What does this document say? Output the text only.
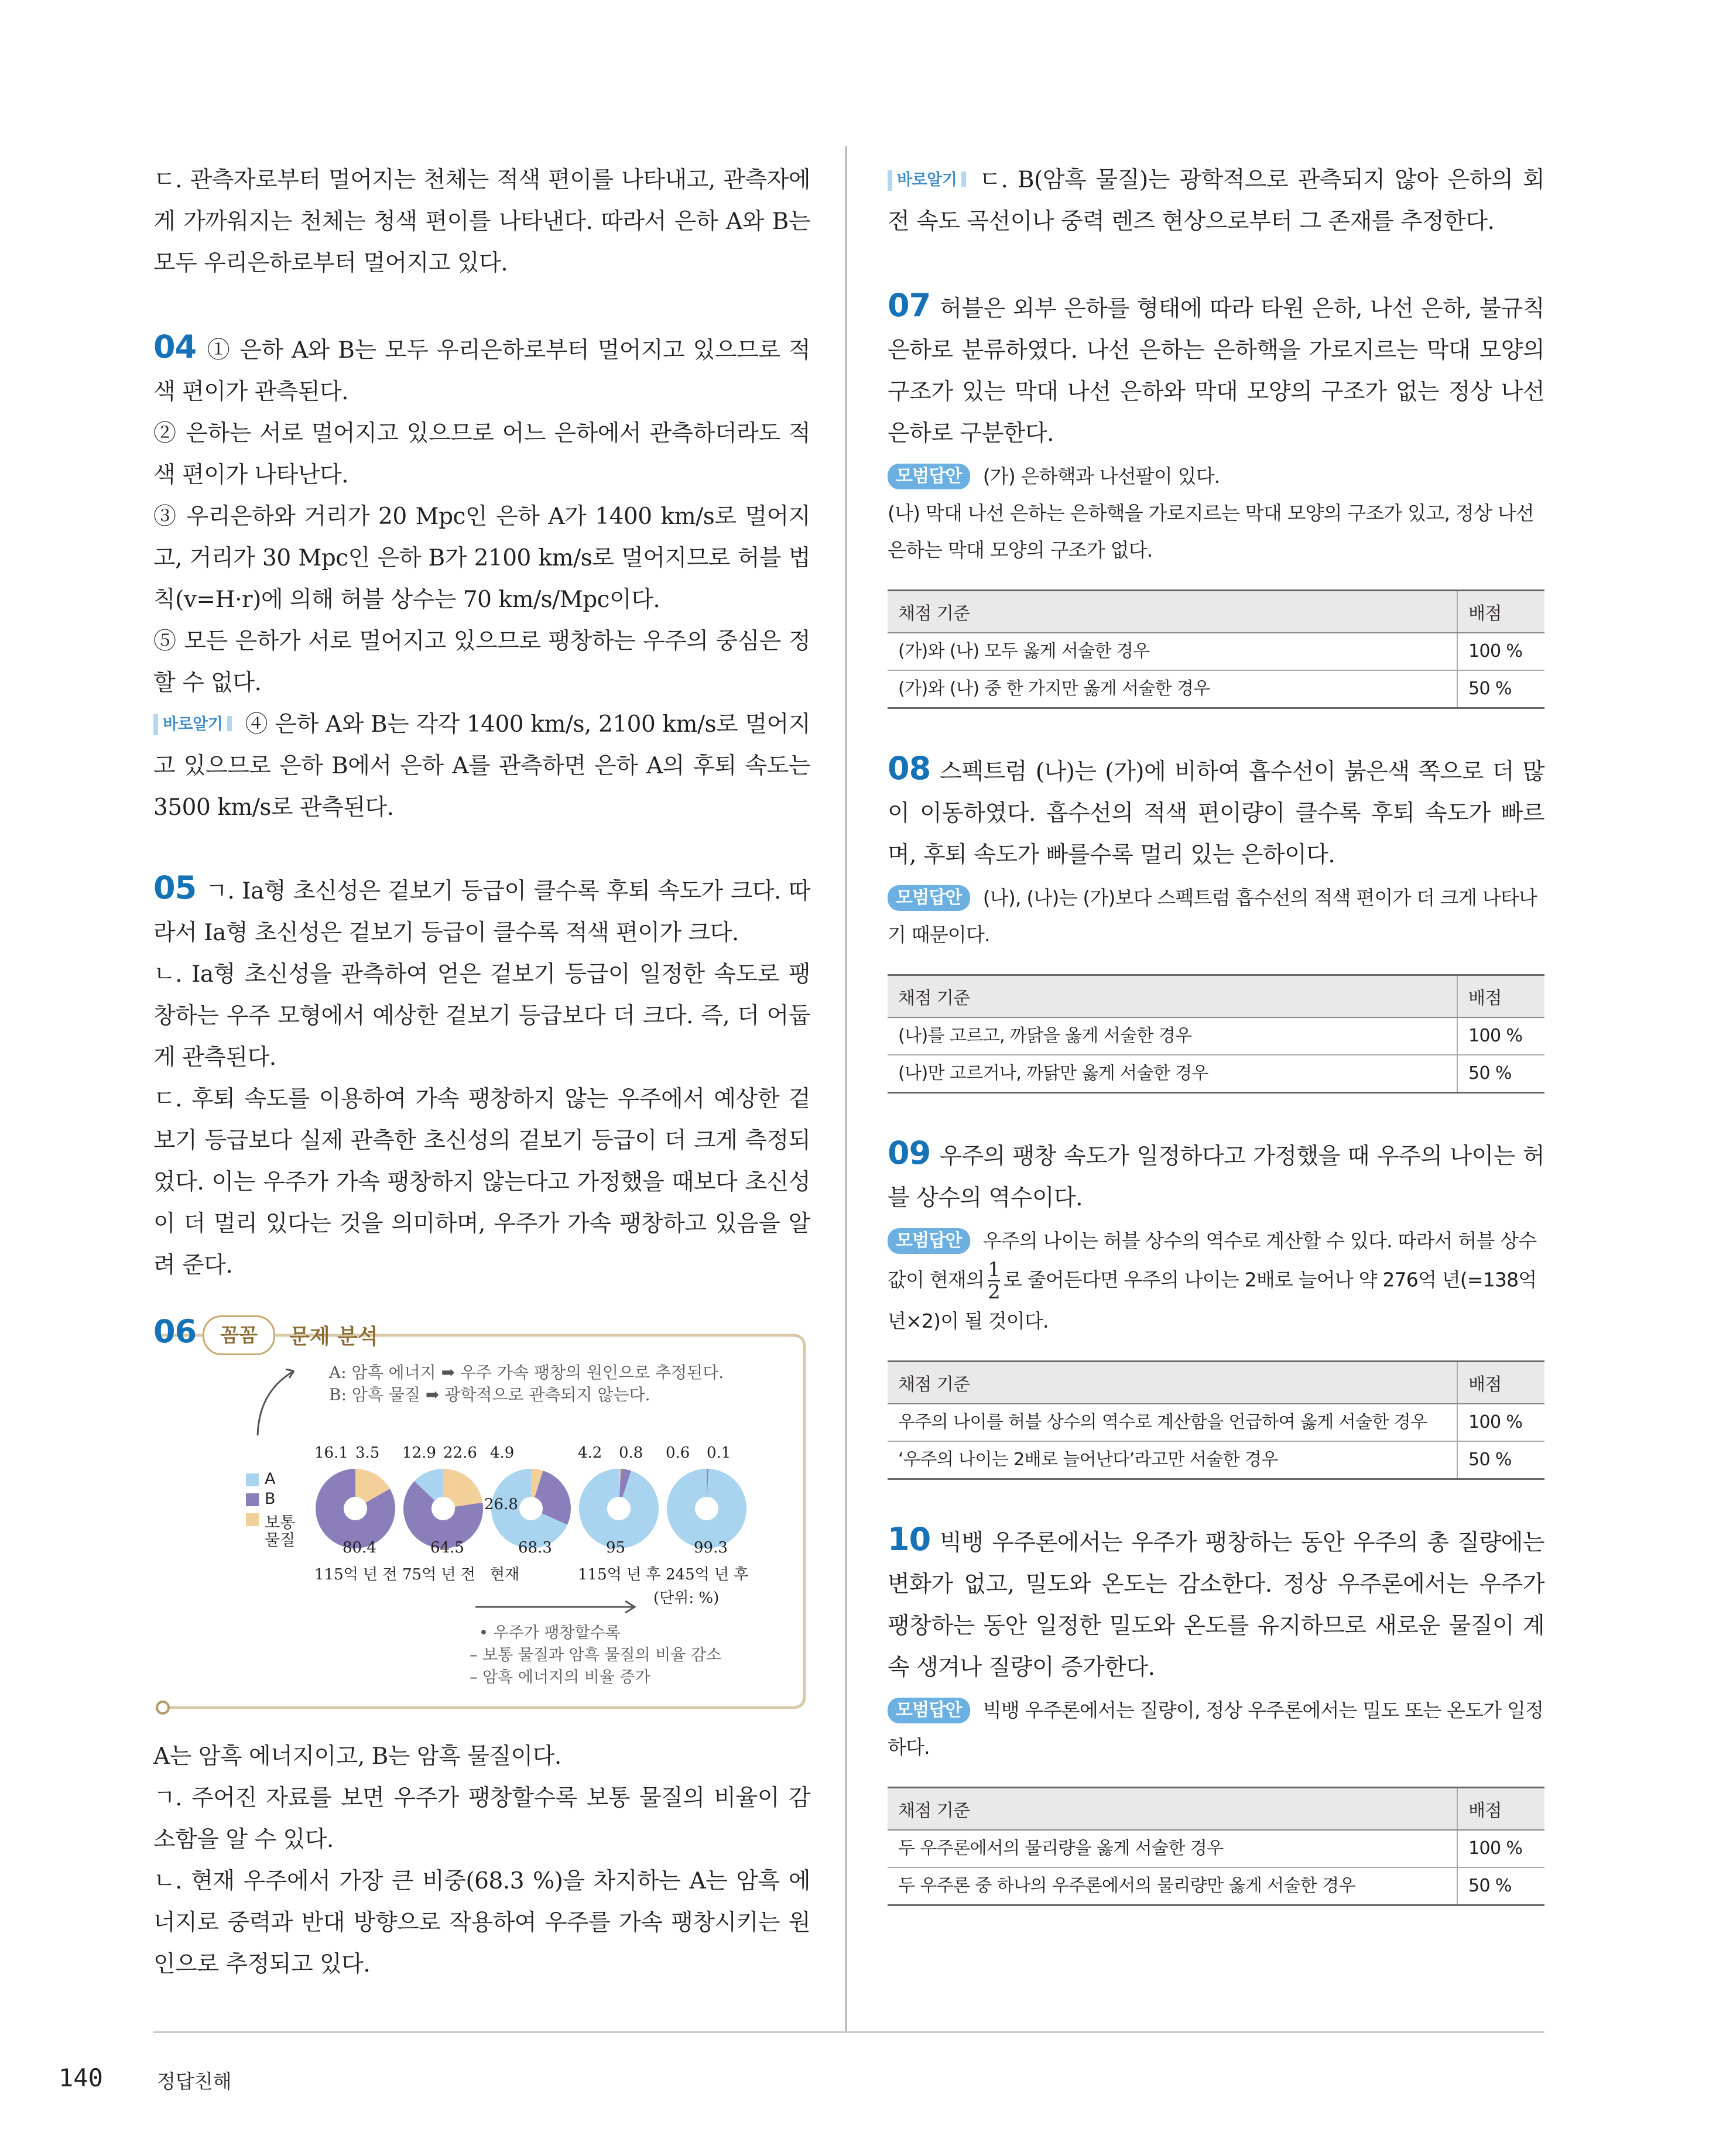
ㄷ. 관측자로부터 멀어지는 천체는 적색 편이를 나타내고, 관측자에게 가까워지는 천체는 청색 편이를 나타낸다. 따라서 은하 A와 B는 모두 우리은하로부터 멀어지고 있다.

04 ① 은하 A와 B는 모두 우리은하로부터 멀어지고 있으므로 적색 편이가 관측된다.

② 은하는 서로 멀어지고 있으므로 어느 은하에서 관측하더라도 적색 편이가 나타난다.

③ 우리은하와 거리가 20 Mpc인 은하 A가 1400 km/s로 멀어지고, 거리가 30 Mpc인 은하 B가 2100 km/s로 멀어지므로 허블 법칙(v=H·r)에 의해 허블 상수는 70 km/s/Mpc이다.

⑤ 모든 은하가 서로 멀어지고 있으므로 팽창하는 우주의 중심은 정할 수 없다.

바로알기 ④ 은하 A와 B는 각각 1400 km/s, 2100 km/s로 멀어지고 있으므로 은하 B에서 은하 A를 관측하면 은하 A의 후퇴 속도는 3500 km/s로 관측된다.

05 ㄱ. Ia형 초신성은 겉보기 등급이 클수록 후퇴 속도가 크다. 따라서 Ia형 초신성은 겉보기 등급이 클수록 적색 편이가 크다.

ㄴ. Ia형 초신성을 관측하여 얻은 겉보기 등급이 일정한 속도로 팽창하는 우주 모형에서 예상한 겉보기 등급보다 더 크다. 즉, 더 어둡게 관측된다.

ㄷ. 후퇴 속도를 이용하여 가속 팽창하지 않는 우주에서 예상한 겉보기 등급보다 실제 관측한 초신성의 겉보기 등급이 더 크게 측정되었다. 이는 우주가 가속 팽창하지 않는다고 가정했을 때보다 초신성이 더 멀리 있다는 것을 의미하며, 우주가 가속 팽창하고 있음을 알려 준다.

꼼꼼	문제 분석
06
A: 암흑 에너지 ➡ 우주 가속 팽창의 원인으로 추정된다.
B: 암흑 물질 ➡ 광학적으로 관측되지 않는다.
A
B
보통
물질
16.1 3.5
80.4
115억 년 전
12.9 22.6
64.5
75억 년 전
4.9
68.3
26.8
현재
4.2 0.8
95
115억 년 후
0.6 0.1
99.3
245억 년 후
(단위: %)
• 우주가 팽창할수록
– 보통 물질과 암흑 물질의 비율 감소
– 암흑 에너지의 비율 증가

A는 암흑 에너지이고, B는 암흑 물질이다.

ㄱ. 주어진 자료를 보면 우주가 팽창할수록 보통 물질의 비율이 감소함을 알 수 있다.

ㄴ. 현재 우주에서 가장 큰 비중(68.3 %)을 차지하는 A는 암흑 에너지로 중력과 반대 방향으로 작용하여 우주를 가속 팽창시키는 원인으로 추정되고 있다.

바로알기 ㄷ. B(암흑 물질)는 광학적으로 관측되지 않아 은하의 회전 속도 곡선이나 중력 렌즈 현상으로부터 그 존재를 추정한다.

07 허블은 외부 은하를 형태에 따라 타원 은하, 나선 은하, 불규칙 은하로 분류하였다. 나선 은하는 은하핵을 가로지르는 막대 모양의 구조가 있는 막대 나선 은하와 막대 모양의 구조가 없는 정상 나선 은하로 구분한다.

모범답안 (가) 은하핵과 나선팔이 있다.

(나) 막대 나선 은하는 은하핵을 가로지르는 막대 모양의 구조가 있고, 정상 나선 은하는 막대 모양의 구조가 없다.

채점 기준	배점
(가)와 (나) 모두 옳게 서술한 경우	100 %
(가)와 (나) 중 한 가지만 옳게 서술한 경우	50 %

08 스펙트럼 (나)는 (가)에 비하여 흡수선이 붉은색 쪽으로 더 많이 이동하였다. 흡수선의 적색 편이량이 클수록 후퇴 속도가 빠르며, 후퇴 속도가 빠를수록 멀리 있는 은하이다.

모범답안 (나), (나)는 (가)보다 스펙트럼 흡수선의 적색 편이가 더 크게 나타나기 때문이다.

채점 기준	배점
(나)를 고르고, 까닭을 옳게 서술한 경우	100 %
(나)만 고르거나, 까닭만 옳게 서술한 경우	50 %

09 우주의 팽창 속도가 일정하다고 가정했을 때 우주의 나이는 허블 상수의 역수이다.

모범답안 우주의 나이는 허블 상수의 역수로 계산할 수 있다. 따라서 허블 상수 값이 현재의 $\frac{1}{2}$ 로 줄어든다면 우주의 나이는 2배로 늘어나 약 276억 년(=138억 년×2)이 될 것이다.

채점 기준	배점
우주의 나이를 허블 상수의 역수로 계산함을 언급하여 옳게 서술한 경우	100 %
‘우주의 나이는 2배로 늘어난다’라고만 서술한 경우	50 %

10 빅뱅 우주론에서는 우주가 팽창하는 동안 우주의 총 질량에는 변화가 없고, 밀도와 온도는 감소한다. 정상 우주론에서는 우주가 팽창하는 동안 일정한 밀도와 온도를 유지하므로 새로운 물질이 계속 생겨나 질량이 증가한다.

모범답안 빅뱅 우주론에서는 질량이, 정상 우주론에서는 밀도 또는 온도가 일정하다.

채점 기준	배점
두 우주론에서의 물리량을 옳게 서술한 경우	100 %
두 우주론 중 하나의 우주론에서의 물리량만 옳게 서술한 경우	50 %
140	정답친해
